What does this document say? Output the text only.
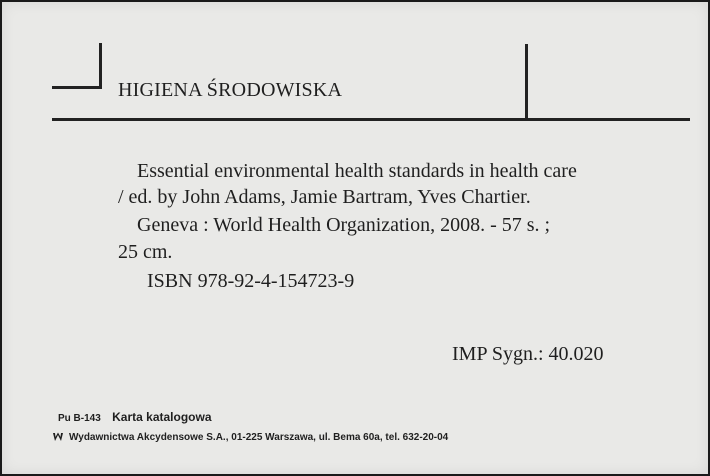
HIGIENA ŚRODOWISKA
Essential environmental health standards in health care
/ ed. by John Adams, Jamie Bartram, Yves Chartier.
Geneva : World Health Organization, 2008. - 57 s. ;
25 cm.
ISBN 978-92-4-154723-9
IMP Sygn.: 40.020
Pu B-143 Karta katalogowa
Wydawnictwa Akcydensowe S.A., 01-225 Warszawa, ul. Bema 60a, tel. 632-20-04
